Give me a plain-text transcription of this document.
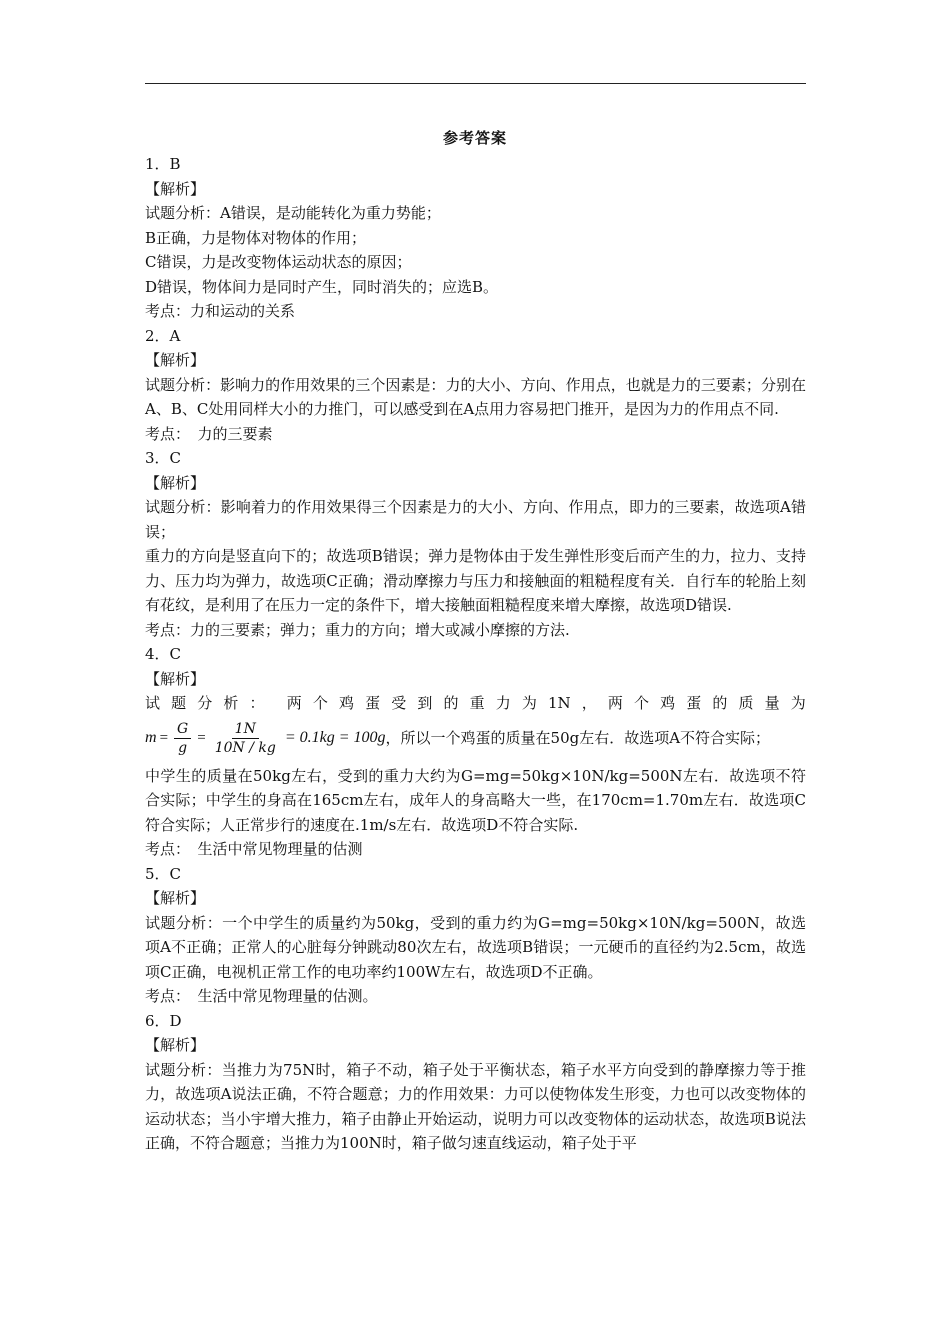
参考答案
1．B
【解析】
试题分析：A错误，是动能转化为重力势能；
B正确，力是物体对物体的作用；
C错误，力是改变物体运动状态的原因；
D错误，物体间力是同时产生，同时消失的；应选B。
考点：力和运动的关系
2．A
【解析】
试题分析：影响力的作用效果的三个因素是：力的大小、方向、作用点，也就是力的三要素；分别在A、B、C处用同样大小的力推门，可以感受到在A点用力容易把门推开，是因为力的作用点不同.
考点：　力的三要素
3．C
【解析】
试题分析：影响着力的作用效果得三个因素是力的大小、方向、作用点，即力的三要素，故选项A错误；
重力的方向是竖直向下的；故选项B错误；弹力是物体由于发生弹性形变后而产生的力，拉力、支持力、压力均为弹力，故选项C正确；滑动摩擦力与压力和接触面的粗糙程度有关．自行车的轮胎上刻有花纹，是利用了在压力一定的条件下，增大接触面粗糙程度来增大摩擦，故选项D错误.
考点：力的三要素；弹力；重力的方向；增大或减小摩擦的方法.
4．C
【解析】
试 题 分 析 ： 两 个 鸡 蛋 受 到 的 重 力 为 1N ， 两 个 鸡 蛋 的 质 量 为
$m = \frac{G}{g} = \frac{1N}{10N / kg} = 0.1kg = 100g$ ，所以一个鸡蛋的质量在50g左右．故选项A不符合实际；
中学生的质量在50kg左右，受到的重力大约为G=mg=50kg×10N/kg=500N左右．故选项不符合实际；中学生的身高在165cm左右，成年人的身高略大一些，在170cm=1.70m左右．故选项C符合实际；人正常步行的速度在.1m/s左右．故选项D不符合实际.
考点：　生活中常见物理量的估测
5．C
【解析】
试题分析：一个中学生的质量约为50kg，受到的重力约为G=mg=50kg×10N/kg=500N，故选项A不正确；正常人的心脏每分钟跳动80次左右，故选项B错误；一元硬币的直径约为2.5cm，故选项C正确，电视机正常工作的电功率约100W左右，故选项D不正确。
考点：　生活中常见物理量的估测。
6．D
【解析】
试题分析：当推力为75N时，箱子不动，箱子处于平衡状态，箱子水平方向受到的静摩擦力等于推力，故选项A说法正确，不符合题意；力的作用效果：力可以使物体发生形变，力也可以改变物体的运动状态；当小宇增大推力，箱子由静止开始运动，说明力可以改变物体的运动状态，故选项B说法正确，不符合题意；当推力为100N时，箱子做匀速直线运动，箱子处于平
